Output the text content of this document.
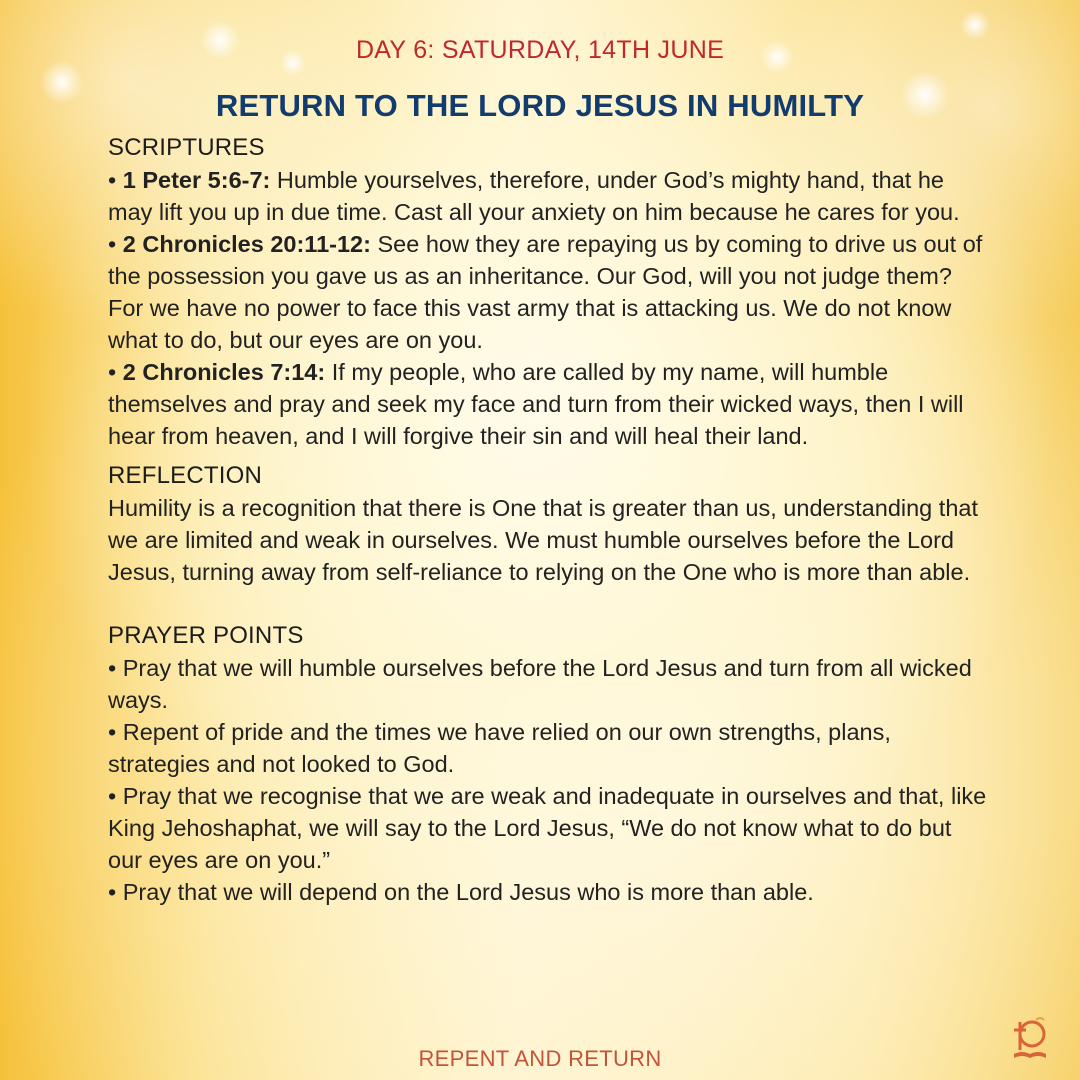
DAY 6: SATURDAY, 14TH JUNE
RETURN TO THE LORD JESUS IN HUMILTY
SCRIPTURES

• 1 Peter 5:6-7: Humble yourselves, therefore, under God’s mighty hand, that he may lift you up in due time. Cast all your anxiety on him because he cares for you.

• 2 Chronicles 20:11-12: See how they are repaying us by coming to drive us out of the possession you gave us as an inheritance. Our God, will you not judge them? For we have no power to face this vast army that is attacking us. We do not know what to do, but our eyes are on you.

• 2 Chronicles 7:14: If my people, who are called by my name, will humble themselves and pray and seek my face and turn from their wicked ways, then I will hear from heaven, and I will forgive their sin and will heal their land.

REFLECTION

Humility is a recognition that there is One that is greater than us, understanding that we are limited and weak in ourselves. We must humble ourselves before the Lord Jesus, turning away from self-reliance to relying on the One who is more than able.

PRAYER POINTS

• Pray that we will humble ourselves before the Lord Jesus and turn from all wicked ways.

• Repent of pride and the times we have relied on our own strengths, plans, strategies and not looked to God.

• Pray that we recognise that we are weak and inadequate in ourselves and that, like King Jehoshaphat, we will say to the Lord Jesus, “We do not know what to do but our eyes are on you.”

• Pray that we will depend on the Lord Jesus who is more than able.

REPENT AND RETURN
